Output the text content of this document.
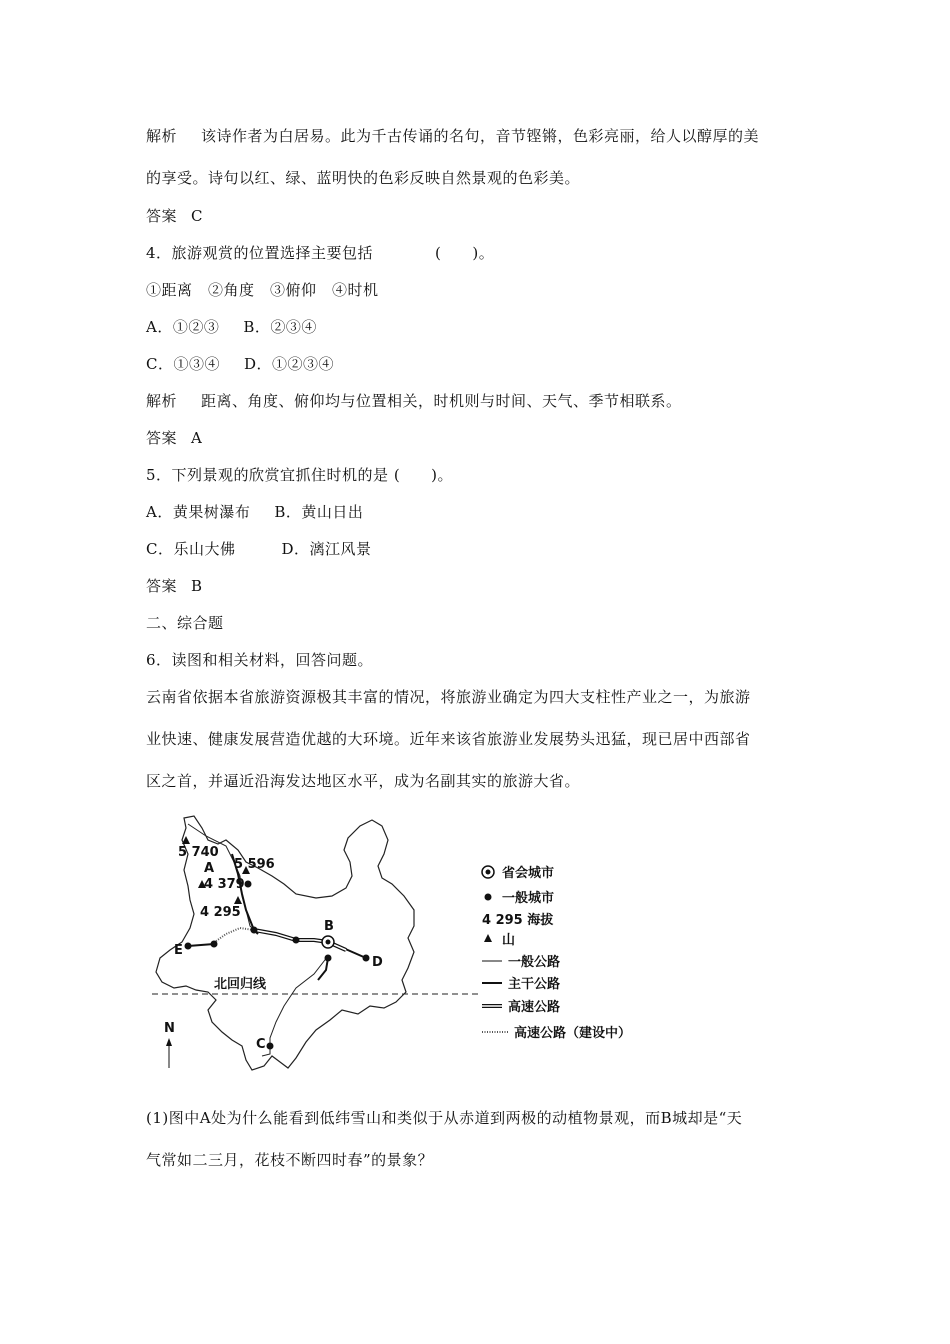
解析 该诗作者为白居易。此为千古传诵的名句，音节铿锵，色彩亮丽，给人以醇厚的美
的享受。诗句以红、绿、蓝明快的色彩反映自然景观的色彩美。
答案 C
4．旅游观赏的位置选择主要包括	(　　)。
①距离　②角度　③俯仰　④时机
A．①②③ B．②③④
C．①③④ D．①②③④
解析 距离、角度、俯仰均与位置相关，时机则与时间、天气、季节相联系。
答案 A
5．下列景观的欣赏宜抓住时机的是 (　　)。
A．黄果树瀑布 B．黄山日出
C．乐山大佛	D．漓江风景
答案 B
二、综合题
6．读图和相关材料，回答问题。
云南省依据本省旅游资源极其丰富的情况，将旅游业确定为四大支柱性产业之一，为旅游
业快速、健康发展营造优越的大环境。近年来该省旅游业发展势头迅猛，现已居中西部省
区之首，并逼近沿海发达地区水平，成为名副其实的旅游大省。
北回归线
5 740
5 596
4 379
4 295
A
B
C
D
E
N
省会城市
一般城市
4 295 海拔
山
一般公路
主干公路
高速公路
高速公路（建设中）
(1)图中A处为什么能看到低纬雪山和类似于从赤道到两极的动植物景观，而B城却是“天
气常如二三月，花枝不断四时春”的景象？
